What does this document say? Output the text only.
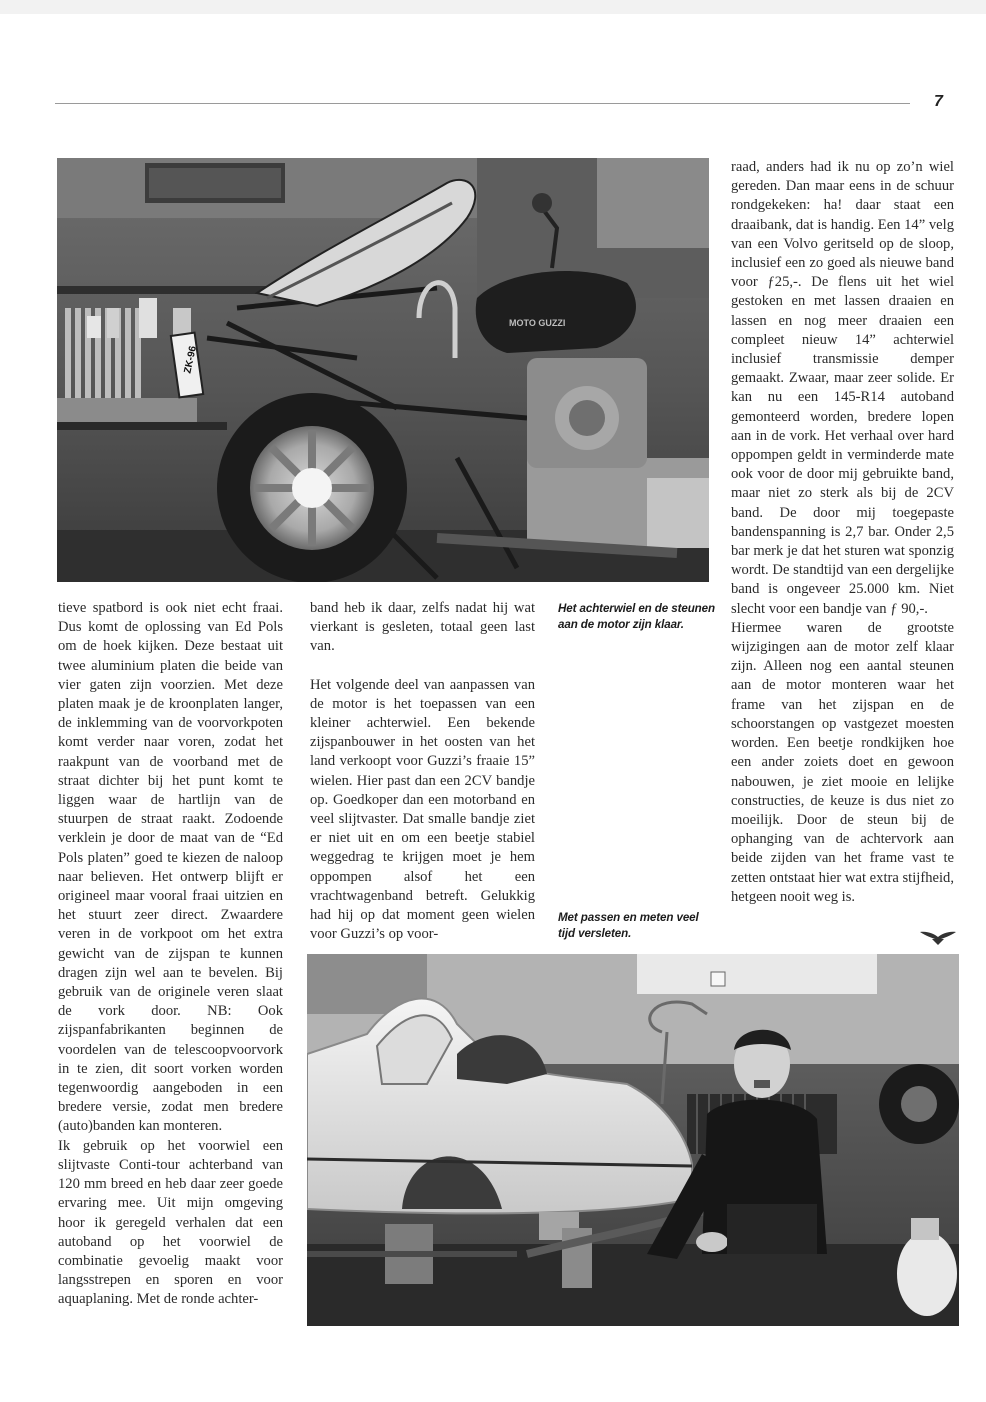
7
MOTO GUZZI
ZK-96

tieve spatbord is ook niet echt fraai. Dus komt de oplossing van Ed Pols om de hoek kijken. Deze bestaat uit twee aluminium platen die beide van vier gaten zijn voorzien. Met deze platen maak je de kroonplaten langer, de inklemming van de voorvorkpoten komt verder naar voren, zodat het raakpunt van de voorband met de straat dichter bij het punt komt te liggen waar de hartlijn van de stuurpen de straat raakt. Zodoende verklein je door de maat van de “Ed Pols platen” goed te kiezen de naloop naar believen. Het ontwerp blijft er origineel maar vooral fraai uitzien en het stuurt zeer direct. Zwaardere veren in de vorkpoot om het extra gewicht van de zijspan te kunnen dragen zijn wel aan te bevelen. Bij gebruik van de originele veren slaat de vork door. NB: Ook zijspanfabrikanten beginnen de voordelen van de telescoopvoorvork in te zien, dit soort vorken worden tegenwoordig aangeboden in een bredere versie, zodat men bredere (auto)banden kan monteren.

Ik gebruik op het voorwiel een slijtvaste Conti-tour achterband van 120 mm breed en heb daar zeer goede ervaring mee. Uit mijn omgeving hoor ik geregeld verhalen dat een autoband op het voorwiel de combinatie gevoelig maakt voor langsstrepen en sporen en voor aquaplaning. Met de ronde achter-

band heb ik daar, zelfs nadat hij wat vierkant is gesleten, totaal geen last van.

Het volgende deel van aanpassen van de motor is het toepassen van een kleiner achterwiel. Een bekende zijspanbouwer in het oosten van het land verkoopt voor Guzzi’s fraaie 15” wielen. Hier past dan een 2CV bandje op. Goedkoper dan een motorband en veel slijtvaster. Dat smalle bandje ziet er niet uit en om een beetje stabiel weggedrag te krijgen moet je hem oppompen alsof het een vrachtwagenband betreft. Gelukkig had hij op dat moment geen wielen voor Guzzi’s op voor-

Het achterwiel en de steunen aan de motor zijn klaar.
Met passen en meten veel tijd versleten.

raad, anders had ik nu op zo’n wiel gereden. Dan maar eens in de schuur rondgekeken: ha! daar staat een draaibank, dat is handig. Een 14” velg van een Volvo geritseld op de sloop, inclusief een zo goed als nieuwe band voor ƒ25,-. De flens uit het wiel gestoken en met lassen draaien en lassen en nog meer draaien een compleet nieuw 14” achterwiel inclusief transmissie demper gemaakt. Zwaar, maar zeer solide. Er kan nu een 145-R14 autoband gemonteerd worden, bredere lopen aan in de vork. Het verhaal over hard oppompen geldt in verminderde mate ook voor de door mij gebruikte band, maar niet zo sterk als bij de 2CV band. De door mij toegepaste bandenspanning is 2,7 bar. Onder 2,5 bar merk je dat het sturen wat sponzig wordt. De standtijd van een dergelijke band is ongeveer 25.000 km. Niet slecht voor een bandje van ƒ 90,-.

Hiermee waren de grootste wijzigingen aan de motor zelf klaar zijn. Alleen nog een aantal steunen aan de motor monteren waar het frame van het zijspan en de schoorstangen op vastgezet moesten worden. Een beetje rondkijken hoe een ander zoiets doet en gewoon nabouwen, je ziet mooie en lelijke constructies, de keuze is dus niet zo moeilijk. Door de steun bij de ophanging van de achtervork aan beide zijden van het frame vast te zetten ontstaat hier wat extra stijfheid, hetgeen nooit weg is.
